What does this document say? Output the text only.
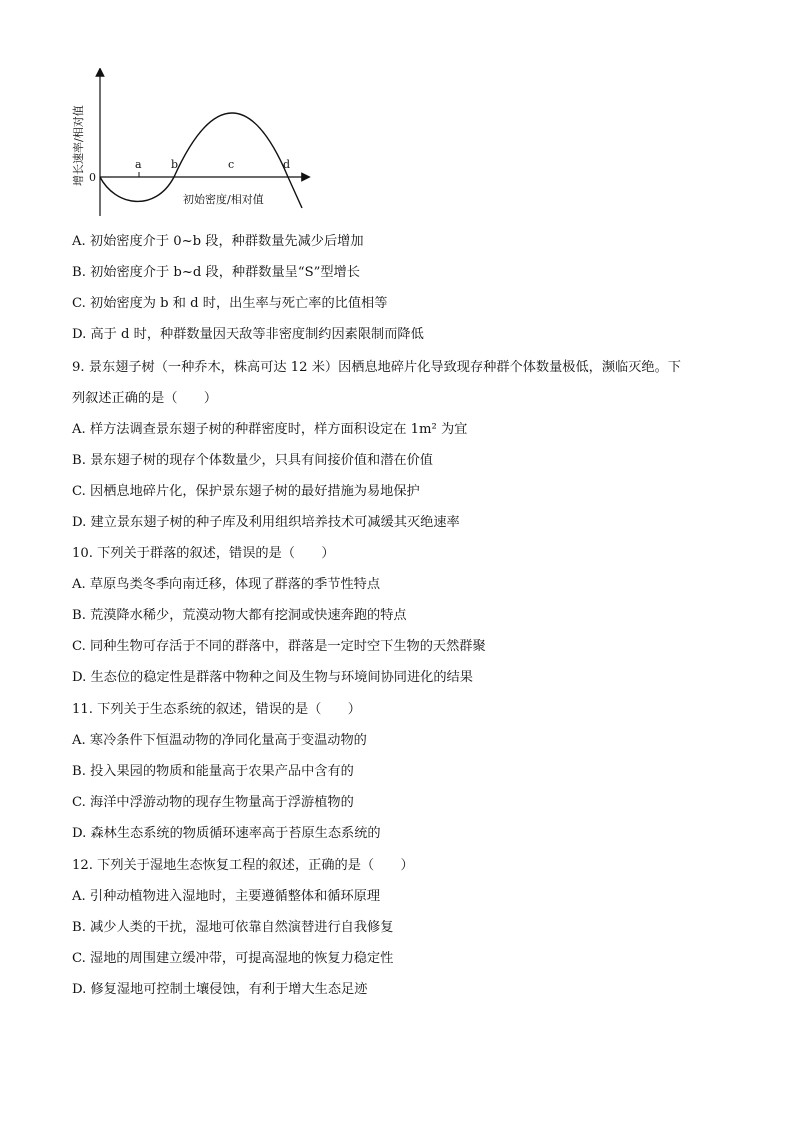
增长速率/相对值 0
a	b	c	d
初始密度/相对值
A. 初始密度介于 0~b 段，种群数量先减少后增加
B. 初始密度介于 b~d 段，种群数量呈“S”型增长
C. 初始密度为 b 和 d 时，出生率与死亡率的比值相等
D. 高于 d 时，种群数量因天敌等非密度制约因素限制而降低
9. 景东翅子树（一种乔木，株高可达 12 米）因栖息地碎片化导致现存种群个体数量极低，濒临灭绝。下
列叙述正确的是（　　）
A. 样方法调查景东翅子树的种群密度时，样方面积设定在 1m² 为宜
B. 景东翅子树的现存个体数量少，只具有间接价值和潜在价值
C. 因栖息地碎片化，保护景东翅子树的最好措施为易地保护
D. 建立景东翅子树的种子库及利用组织培养技术可减缓其灭绝速率
10. 下列关于群落的叙述，错误的是（　　）
A. 草原鸟类冬季向南迁移，体现了群落的季节性特点
B. 荒漠降水稀少，荒漠动物大都有挖洞或快速奔跑的特点
C. 同种生物可存活于不同的群落中，群落是一定时空下生物的天然群聚
D. 生态位的稳定性是群落中物种之间及生物与环境间协同进化的结果
11. 下列关于生态系统的叙述，错误的是（　　）
A. 寒冷条件下恒温动物的净同化量高于变温动物的
B. 投入果园的物质和能量高于农果产品中含有的
C. 海洋中浮游动物的现存生物量高于浮游植物的
D. 森林生态系统的物质循环速率高于苔原生态系统的
12. 下列关于湿地生态恢复工程的叙述，正确的是（　　）
A. 引种动植物进入湿地时，主要遵循整体和循环原理
B. 减少人类的干扰，湿地可依靠自然演替进行自我修复
C. 湿地的周围建立缓冲带，可提高湿地的恢复力稳定性
D. 修复湿地可控制土壤侵蚀，有利于增大生态足迹
